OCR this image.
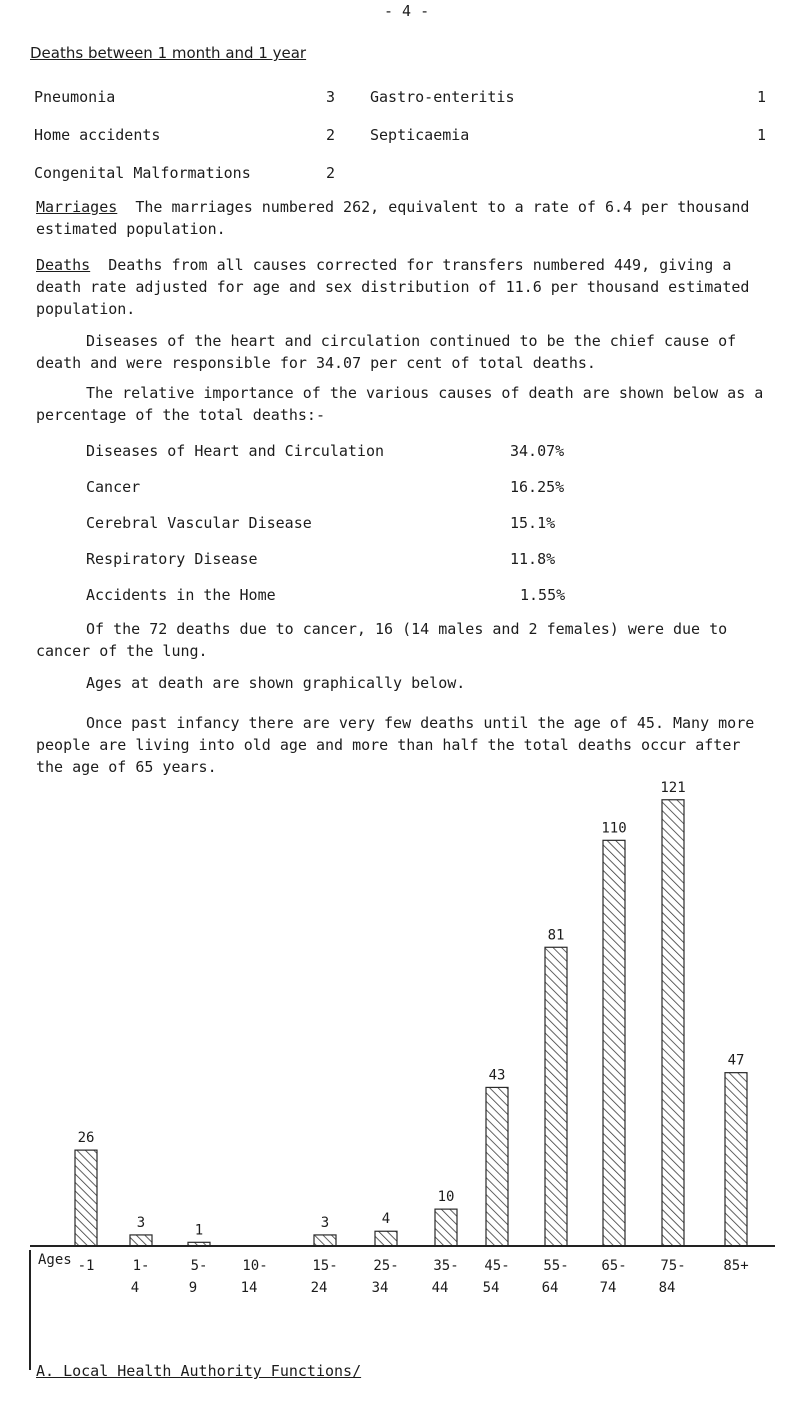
- 4 -
Deaths between 1 month and 1 year
Pneumonia	3 Gastro-enteritis	1
Home accidents	2 Septicaemia	1
Congenital Malformations	2
Marriages The marriages numbered 262, equivalent to a rate of 6.4 per thousand estimated population.
Deaths Deaths from all causes corrected for transfers numbered 449, giving a death rate adjusted for age and sex distribution of 11.6 per thousand estimated population.
Diseases of the heart and circulation continued to be the chief cause of death and were responsible for 34.07 per cent of total deaths.
The relative importance of the various causes of death are shown below as a percentage of the total deaths:-
Diseases of Heart and Circulation	34.07%
Cancer	16.25%
Cerebral Vascular Disease	15.1%
Respiratory Disease	11.8%
Accidents in the Home	1.55%
Of the 72 deaths due to cancer, 16 (14 males and 2 females) were due to cancer of the lung.
Ages at death are shown graphically below.
Once past infancy there are very few deaths until the age of 45. Many more people are living into old age and more than half the total deaths occur after the age of 65 years.
Ages
26
-1
3
1-
4
1
5-
9
10-
14
3
15-
24
4
25-
34
10
35-
44
43
45-
54
81
55-
64
110
65-
74
121
75-
84
47
85+
A. Local Health Authority Functions/
